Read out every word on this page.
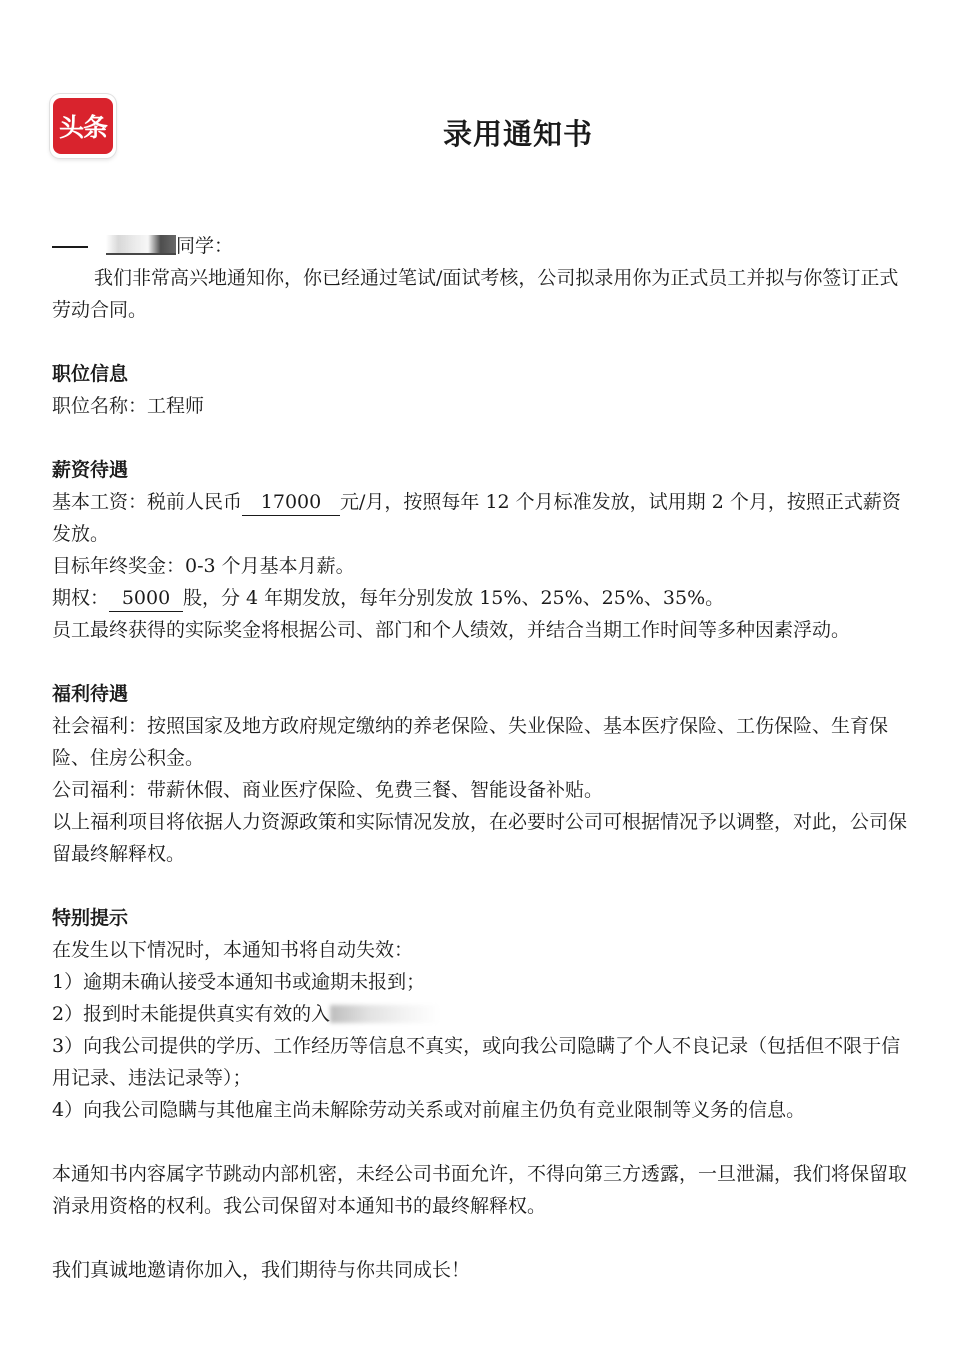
头条	录用通知书

同学：

我们非常高兴地通知你，你已经通过笔试/面试考核，公司拟录用你为正式员工并拟与你签订正式劳动合同。

职位信息

职位名称：工程师

薪资待遇

基本工资：税前人民币 17000 元/月，按照每年 12 个月标准发放，试用期 2 个月，按照正式薪资发放。

目标年终奖金：0-3 个月基本月薪。

期权： 5000 股，分 4 年期发放，每年分别发放 15%、25%、25%、35%。

员工最终获得的实际奖金将根据公司、部门和个人绩效，并结合当期工作时间等多种因素浮动。

福利待遇

社会福利：按照国家及地方政府规定缴纳的养老保险、失业保险、基本医疗保险、工伤保险、生育保险、住房公积金。

公司福利：带薪休假、商业医疗保险、免费三餐、智能设备补贴。

以上福利项目将依据人力资源政策和实际情况发放，在必要时公司可根据情况予以调整，对此，公司保留最终解释权。

特别提示

在发生以下情况时，本通知书将自动失效：

1）逾期未确认接受本通知书或逾期未报到；

2）报到时未能提供真实有效的入

3）向我公司提供的学历、工作经历等信息不真实，或向我公司隐瞒了个人不良记录（包括但不限于信用记录、违法记录等）；

4）向我公司隐瞒与其他雇主尚未解除劳动关系或对前雇主仍负有竞业限制等义务的信息。

本通知书内容属字节跳动内部机密，未经公司书面允许，不得向第三方透露，一旦泄漏，我们将保留取消录用资格的权利。我公司保留对本通知书的最终解释权。

我们真诚地邀请你加入，我们期待与你共同成长！
